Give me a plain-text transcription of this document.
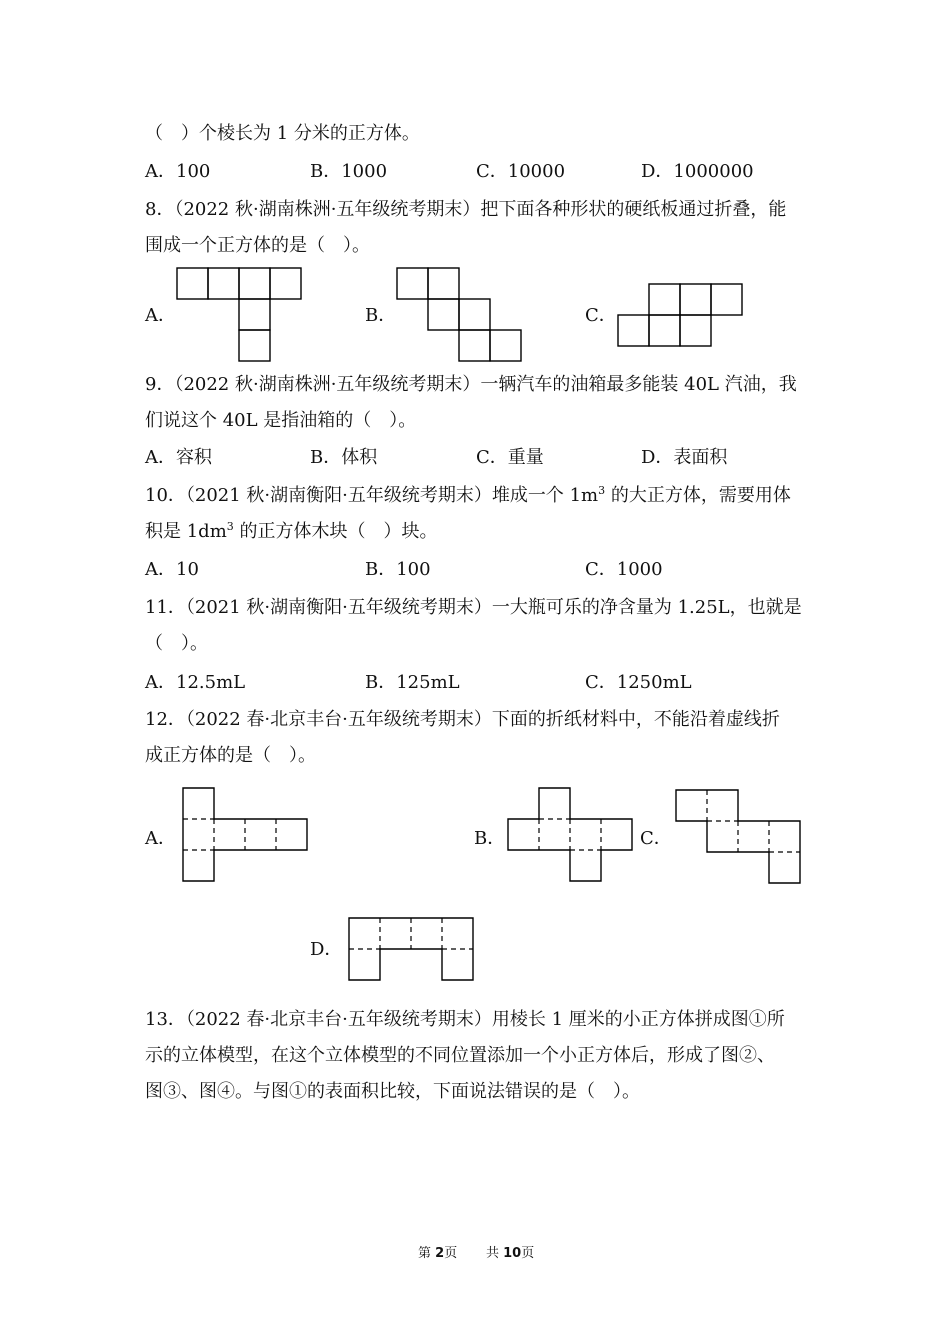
（　）个棱长为 1 分米的正方体。
A．100	B．1000	C．10000	D．1000000
8．（2022 秋·湖南株洲·五年级统考期末）把下面各种形状的硬纸板通过折叠，能
围成一个正方体的是（　）。
A．	B．	C．
9．（2022 秋·湖南株洲·五年级统考期末）一辆汽车的油箱最多能装 40L 汽油，我
们说这个 40L 是指油箱的（　）。
A．容积	B．体积	C．重量	D．表面积
10．（2021 秋·湖南衡阳·五年级统考期末）堆成一个 $1m^3$ 的大正方体，需要用体
积是 $1dm^3$ 的正方体木块（　）块。
A．10	B．100	C．1000
11．（2021 秋·湖南衡阳·五年级统考期末）一大瓶可乐的净含量为 1.25L，也就是
（　）。
A．12.5mL	B．125mL	C．1250mL
12．（2022 春·北京丰台·五年级统考期末）下面的折纸材料中，不能沿着虚线折
成正方体的是（　）。
A．	B．	C．
D．
13．（2022 春·北京丰台·五年级统考期末）用棱长 1 厘米的小正方体拼成图①所
示的立体模型，在这个立体模型的不同位置添加一个小正方体后，形成了图②、
图③、图④。与图①的表面积比较，下面说法错误的是（　）。
第 2页 共 10页
